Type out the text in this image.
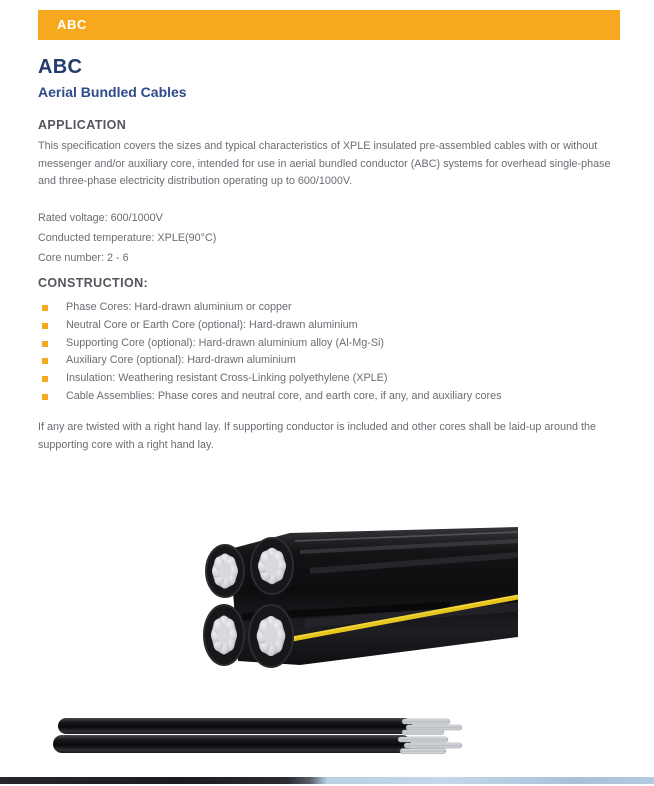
ABC
ABC
Aerial Bundled Cables
APPLICATION

This specification covers the sizes and typical characteristics of XPLE insulated pre-assembled cables with or without messenger and/or auxiliary core, intended for use in aerial bundled conductor (ABC) systems for overhead single-phase and three-phase electricity distribution operating up to 600/1000V.

Rated voltage: 600/1000V
Conducted temperature: XPLE(90°C)
Core number: 2 - 6
CONSTRUCTION:
Phase Cores: Hard-drawn aluminium or copper
Neutral Core or Earth Core (optional): Hard-drawn aluminium
Supporting Core (optional): Hard-drawn aluminium alloy (Al-Mg-Si)
Auxiliary Core (optional): Hard-drawn aluminium
Insulation: Weathering resistant Cross-Linking polyethylene (XPLE)
Cable Assemblies: Phase cores and neutral core, and earth core, if any, and auxiliary cores

If any are twisted with a right hand lay. If supporting conductor is included and other cores shall be laid-up around the supporting core with a right hand lay.
